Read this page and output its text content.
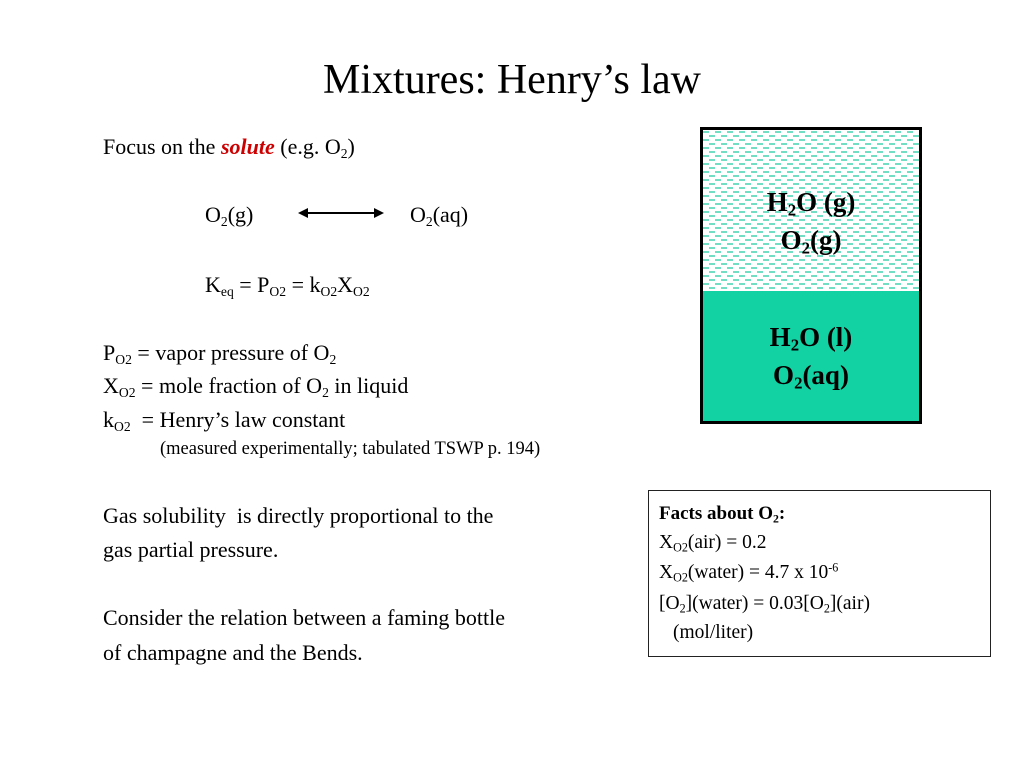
Mixtures: Henry’s law
Focus on the solute (e.g. $O_2$)
$O_2(g)$	$O_2(aq)$
$K_{eq} = P_{O2} = k_{O2}X_{O2}$
$P_{O2}$ = vapor pressure of $O_2$
$X_{O2}$ = mole fraction of $O_2$ in liquid
$k_{O2}$  = Henry’s law constant
(measured experimentally; tabulated TSWP p. 194)
Gas solubility  is directly proportional to the
gas partial pressure.
Consider the relation between a faming bottle
of champagne and the Bends.
$H_2O$ (g)
$O_2(g)$
$H_2O$ (l)
$O_2(aq)$
Facts about $O_2$:
$X_{O2}(air) = 0.2$
$X_{O2}(water) = 4.7$ x $10^{-6}$
$[O_2](water) = 0.03[O_2](air)$
(mol/liter)
